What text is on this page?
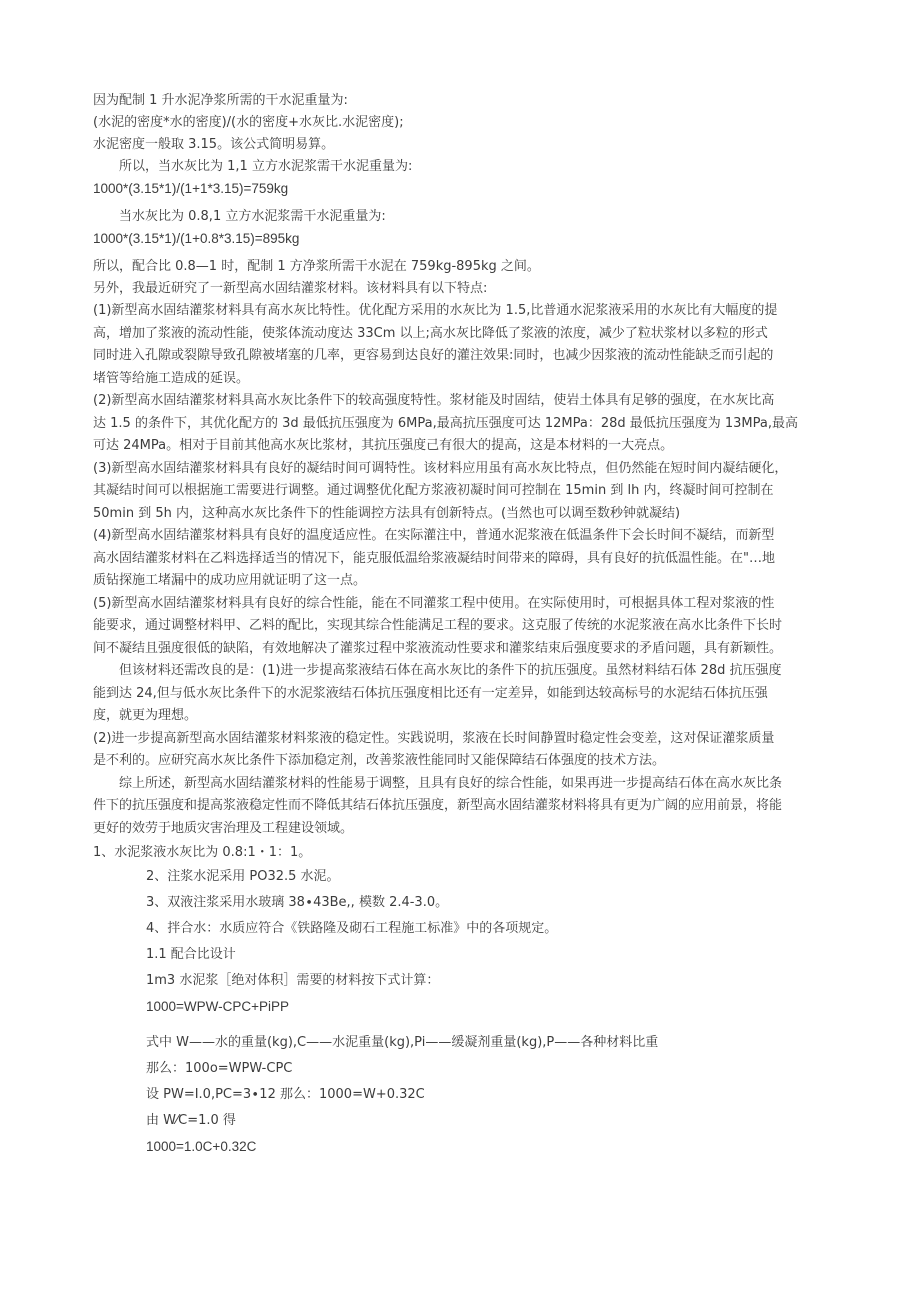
因为配制 1 升水泥净浆所需的干水泥重量为:
(水泥的密度*水的密度)/(水的密度+水灰比.水泥密度);
水泥密度一般取 3.15。该公式简明易算。
所以，当水灰比为 1,1 立方水泥浆需干水泥重量为:
1000*(3.15*1)/(1+1*3.15)=759kg
当水灰比为 0.8,1 立方水泥浆需干水泥重量为:
1000*(3.15*1)/(1+0.8*3.15)=895kg
所以，配合比 0.8—1 时，配制 1 方净浆所需干水泥在 759kg-895kg 之间。
另外，我最近研究了一新型高水固结灌浆材料。该材料具有以下特点:
(1)新型高水固结灌浆材料具有高水灰比特性。优化配方采用的水灰比为 1.5,比普通水泥浆液采用的水灰比有大幅度的提
高，增加了浆液的流动性能，使浆体流动度达 33Cm 以上;高水灰比降低了浆液的浓度，减少了粒状浆材以多粒的形式
同时进入孔隙或裂隙导致孔隙被堵塞的几率，更容易到达良好的灌注效果:同时，也减少因浆液的流动性能缺乏而引起的
堵管等给施工造成的延误。
(2)新型高水固结灌浆材料具高水灰比条件下的较高强度特性。浆材能及时固结，使岩土体具有足够的强度，在水灰比高
达 1.5 的条件下，其优化配方的 3d 最低抗压强度为 6MPa,最高抗压强度可达 12MPa：28d 最低抗压强度为 13MPa,最高
可达 24MPa。相对于目前其他高水灰比浆材，其抗压强度己有很大的提高，这是本材料的一大亮点。
(3)新型高水固结灌浆材料具有良好的凝结时间可调特性。该材料应用虽有高水灰比特点，但仍然能在短时间内凝结硬化，
其凝结时间可以根据施工需要进行调整。通过调整优化配方浆液初凝时间可控制在 15min 到 lh 内，终凝时间可控制在
50min 到 5h 内，这种高水灰比条件下的性能调控方法具有创新特点。(当然也可以调至数秒钟就凝结)
(4)新型高水固结灌浆材料具有良好的温度适应性。在实际灌注中，普通水泥浆液在低温条件下会长时间不凝结，而新型
高水固结灌浆材料在乙料选择适当的情况下，能克服低温给浆液凝结时间带来的障碍，具有良好的抗低温性能。在"…地
质钻探施工堵漏中的成功应用就证明了这一点。
(5)新型高水固结灌浆材料具有良好的综合性能，能在不同灌浆工程中使用。在实际使用时，可根据具体工程对浆液的性
能要求，通过调整材料甲、乙料的配比，实现其综合性能满足工程的要求。这克服了传统的水泥浆液在高水比条件下长时
间不凝结且强度很低的缺陷，有效地解决了灌浆过程中浆液流动性要求和灌浆结束后强度要求的矛盾问题，具有新颖性。
但该材料还需改良的是：(1)进一步提高浆液结石体在高水灰比的条件下的抗压强度。虽然材料结石体 28d 抗压强度
能到达 24,但与低水灰比条件下的水泥浆液结石体抗压强度相比还有一定差异，如能到达较高标号的水泥结石体抗压强
度，就更为理想。
(2)进一步提高新型高水固结灌浆材料浆液的稳定性。实践说明，浆液在长时间静置时稳定性会变差，这对保证灌浆质量
是不利的。应研究高水灰比条件下添加稳定剂，改善浆液性能同时又能保障结石体强度的技术方法。
综上所述，新型高水固结灌浆材料的性能易于调整，且具有良好的综合性能，如果再进一步提高结石体在高水灰比条
件下的抗压强度和提高浆液稳定性而不降低其结石体抗压强度，新型高水固结灌浆材料将具有更为广阔的应用前景，将能
更好的效劳于地质灾害治理及工程建设领域。
1、水泥浆液水灰比为 0.8:1・1：1。
2、注浆水泥采用 PO32.5 水泥。
3、双液注浆采用水玻璃 38∙43Be,, 模数 2.4-3.0。
4、拌合水：水质应符合《铁路隆及砌石工程施工标准》中的各项规定。
1.1 配合比设计
1m3 水泥浆［绝对体积］需要的材料按下式计算：
1000=WPW-CPC+PiPP
式中 W——水的重量(kg),C——水泥重量(kg),Pi——缓凝剂重量(kg),P——各种材料比重
那么：100o=WPW-CPC
设 PW=I.0,PC=3∙12 那么：1000=W+0.32C
由 W⁄C=1.0 得
1000=1.0C+0.32C
